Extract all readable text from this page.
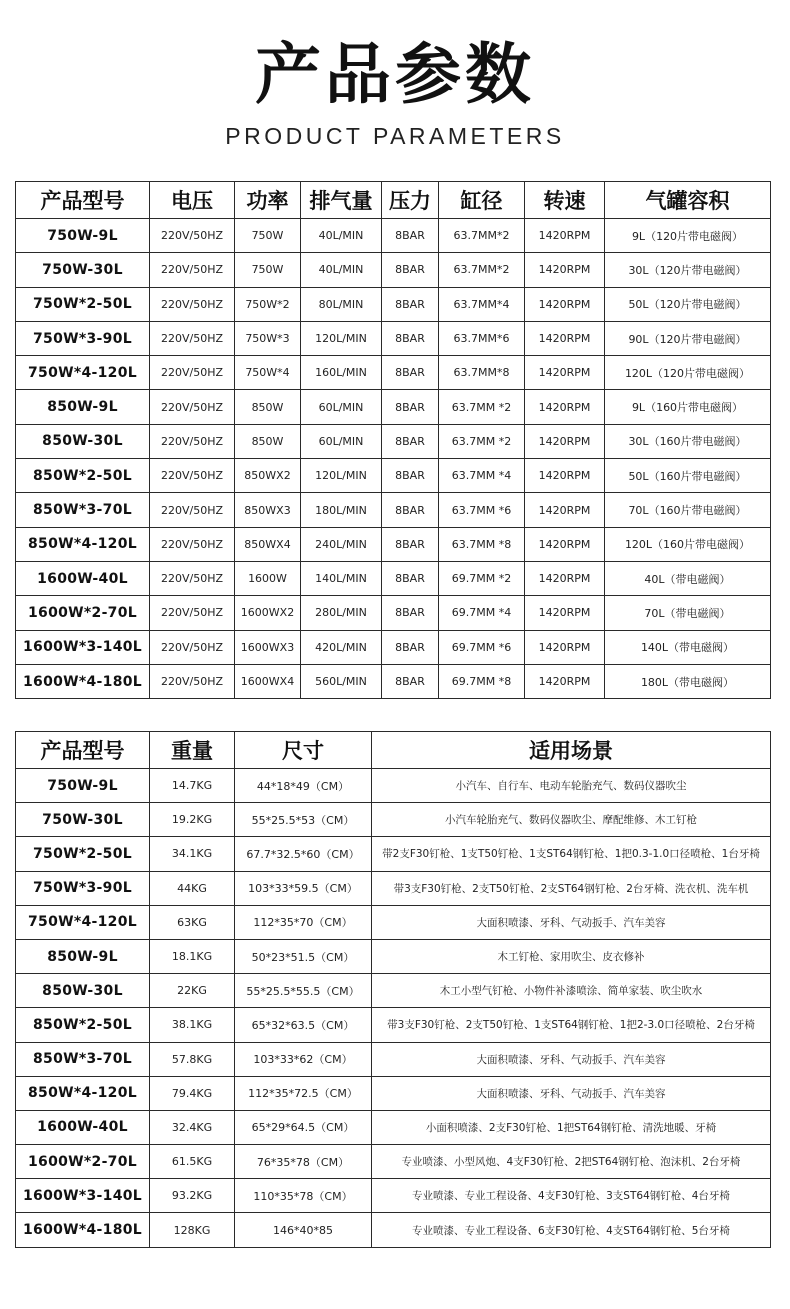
产品参数
PRODUCT PARAMETERS
产品型号	电压	功率	排气量	压力	缸径	转速	气罐容积
750W-9L	220V/50HZ	750W	40L/MIN	8BAR	63.7MM*2	1420RPM	9L（120片带电磁阀）
750W-30L	220V/50HZ	750W	40L/MIN	8BAR	63.7MM*2	1420RPM	30L（120片带电磁阀）
750W*2-50L	220V/50HZ	750W*2	80L/MIN	8BAR	63.7MM*4	1420RPM	50L（120片带电磁阀）
750W*3-90L	220V/50HZ	750W*3	120L/MIN	8BAR	63.7MM*6	1420RPM	90L（120片带电磁阀）
750W*4-120L	220V/50HZ	750W*4	160L/MIN	8BAR	63.7MM*8	1420RPM	120L（120片带电磁阀）
850W-9L	220V/50HZ	850W	60L/MIN	8BAR	63.7MM *2	1420RPM	9L（160片带电磁阀）
850W-30L	220V/50HZ	850W	60L/MIN	8BAR	63.7MM *2	1420RPM	30L（160片带电磁阀）
850W*2-50L	220V/50HZ	850WX2	120L/MIN	8BAR	63.7MM *4	1420RPM	50L（160片带电磁阀）
850W*3-70L	220V/50HZ	850WX3	180L/MIN	8BAR	63.7MM *6	1420RPM	70L（160片带电磁阀）
850W*4-120L	220V/50HZ	850WX4	240L/MIN	8BAR	63.7MM *8	1420RPM	120L（160片带电磁阀）
1600W-40L	220V/50HZ	1600W	140L/MIN	8BAR	69.7MM *2	1420RPM	40L（带电磁阀）
1600W*2-70L	220V/50HZ	1600WX2	280L/MIN	8BAR	69.7MM *4	1420RPM	70L（带电磁阀）
1600W*3-140L	220V/50HZ	1600WX3	420L/MIN	8BAR	69.7MM *6	1420RPM	140L（带电磁阀）
1600W*4-180L	220V/50HZ	1600WX4	560L/MIN	8BAR	69.7MM *8	1420RPM	180L（带电磁阀）
产品型号	重量	尺寸	适用场景
750W-9L	14.7KG	44*18*49（CM）	小汽车、自行车、电动车轮胎充气、数码仪器吹尘
750W-30L	19.2KG	55*25.5*53（CM）	小汽车轮胎充气、数码仪器吹尘、摩配维修、木工钉枪
750W*2-50L	34.1KG	67.7*32.5*60（CM）	带2支F30钉枪、1支T50钉枪、1支ST64钢钉枪、1把0.3-1.0口径喷枪、1台牙椅
750W*3-90L	44KG	103*33*59.5（CM）	带3支F30钉枪、2支T50钉枪、2支ST64钢钉枪、2台牙椅、洗衣机、洗车机
750W*4-120L	63KG	112*35*70（CM）	大面积喷漆、牙科、气动扳手、汽车美容
850W-9L	18.1KG	50*23*51.5（CM）	木工钉枪、家用吹尘、皮衣修补
850W-30L	22KG	55*25.5*55.5（CM）	木工小型气钉枪、小物件补漆喷涂、简单家装、吹尘吹水
850W*2-50L	38.1KG	65*32*63.5（CM）	带3支F30钉枪、2支T50钉枪、1支ST64钢钉枪、1把2-3.0口径喷枪、2台牙椅
850W*3-70L	57.8KG	103*33*62（CM）	大面积喷漆、牙科、气动扳手、汽车美容
850W*4-120L	79.4KG	112*35*72.5（CM）	大面积喷漆、牙科、气动扳手、汽车美容
1600W-40L	32.4KG	65*29*64.5（CM）	小面积喷漆、2支F30钉枪、1把ST64钢钉枪、清洗地暖、牙椅
1600W*2-70L	61.5KG	76*35*78（CM）	专业喷漆、小型风炮、4支F30钉枪、2把ST64钢钉枪、泡沫机、2台牙椅
1600W*3-140L	93.2KG	110*35*78（CM）	专业喷漆、专业工程设备、4支F30钉枪、3支ST64钢钉枪、4台牙椅
1600W*4-180L	128KG	146*40*85	专业喷漆、专业工程设备、6支F30钉枪、4支ST64钢钉枪、5台牙椅
